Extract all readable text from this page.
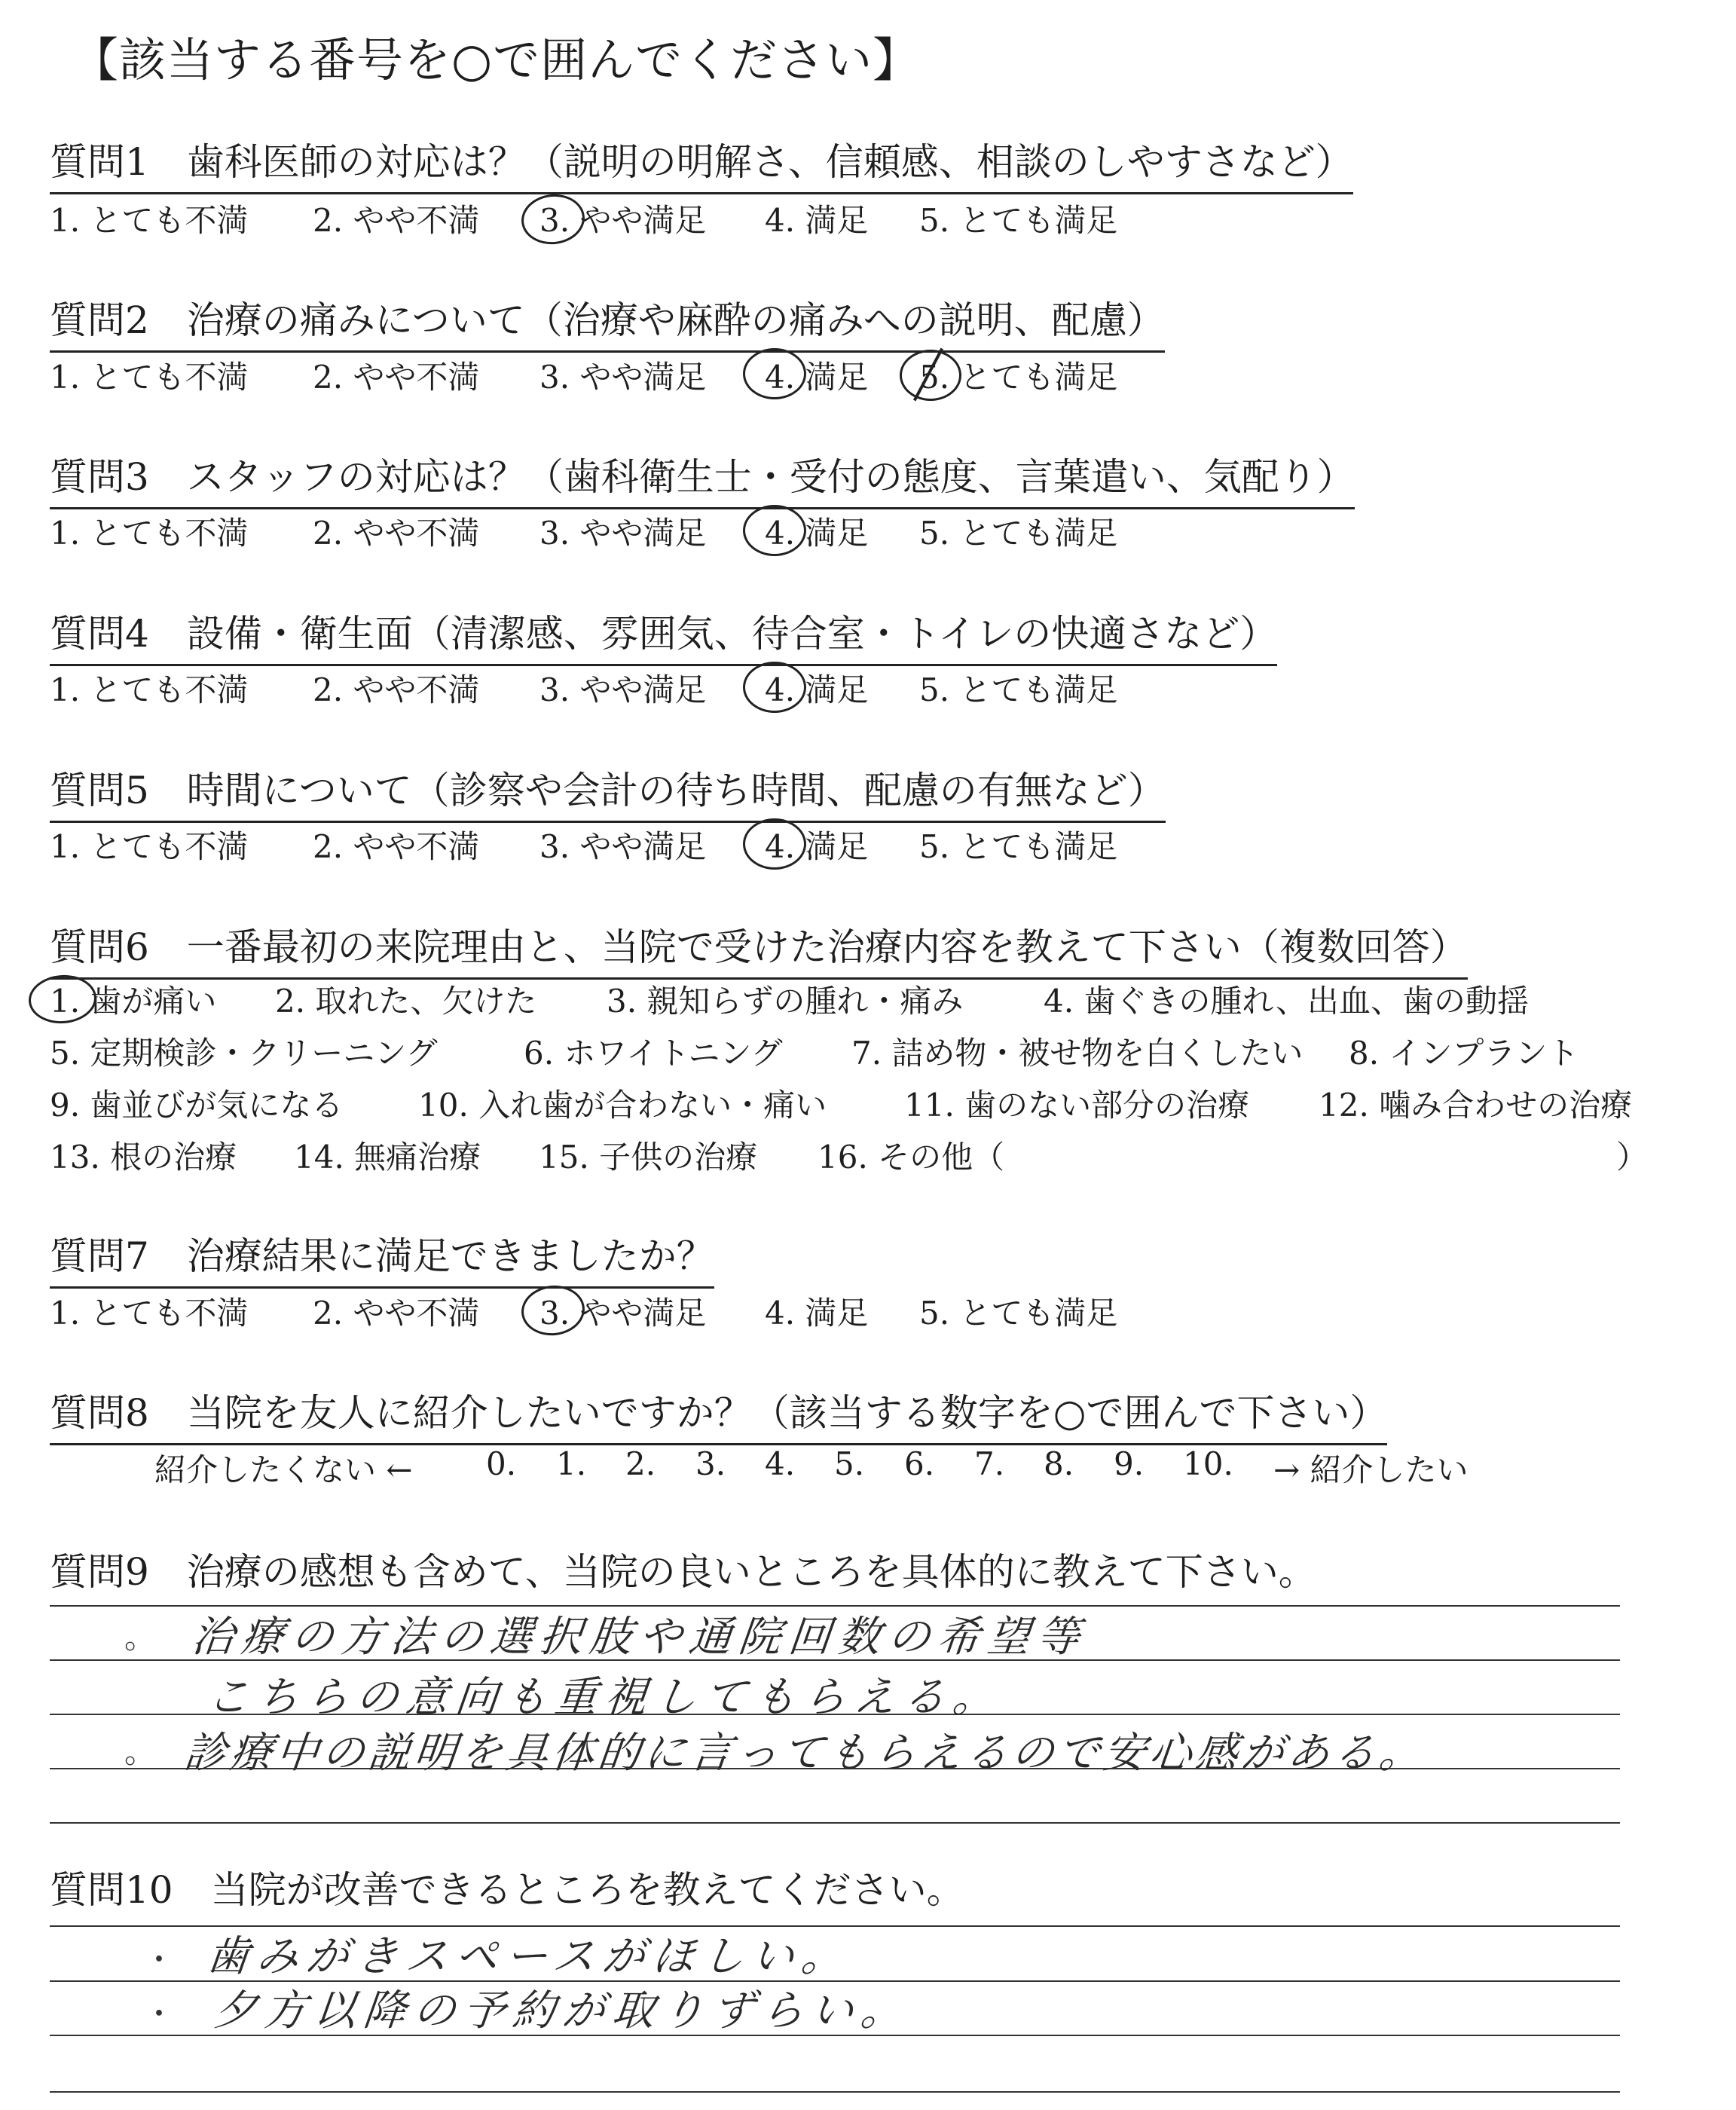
【該当する番号を○で囲んでください】
質問1　歯科医師の対応は？（説明の明解さ、信頼感、相談のしやすさなど）
1. とても不満 2. やや不満 3. やや満足 4. 満足 5. とても満足
質問2　治療の痛みについて（治療や麻酔の痛みへの説明、配慮）
1. とても不満 2. やや不満 3. やや満足 4. 満足 5. とても満足
質問3　スタッフの対応は？（歯科衛生士・受付の態度、言葉遣い、気配り）
1. とても不満 2. やや不満 3. やや満足 4. 満足 5. とても満足
質問4　設備・衛生面（清潔感、雰囲気、待合室・トイレの快適さなど）
1. とても不満 2. やや不満 3. やや満足 4. 満足 5. とても満足
質問5　時間について（診察や会計の待ち時間、配慮の有無など）
1. とても不満 2. やや不満 3. やや満足 4. 満足 5. とても満足
質問6　一番最初の来院理由と、当院で受けた治療内容を教えて下さい（複数回答）
1. 歯が痛い 2. 取れた、欠けた 3. 親知らずの腫れ・痛み	4. 歯ぐきの腫れ、出血、歯の動揺
5. 定期検診・クリーニング	6. ホワイトニング 7. 詰め物・被せ物を白くしたい 8. インプラント
9. 歯並びが気になる 10. 入れ歯が合わない・痛い 11. 歯のない部分の治療 12. 噛み合わせの治療
13. 根の治療 14. 無痛治療 15. 子供の治療 16. その他（	）
質問7　治療結果に満足できましたか？
1. とても不満 2. やや不満 3. やや満足 4. 満足 5. とても満足
質問8　当院を友人に紹介したいですか？（該当する数字を○で囲んで下さい）
紹介したくない ← 0. 1. 2. 3. 4. 5. 6. 7. 8. 9. 10. → 紹介したい
質問9　治療の感想も含めて、当院の良いところを具体的に教えて下さい。
。 治療の方法の選択肢や通院回数の希望等
こちらの意向も重視してもらえる。
。 診療中の説明を具体的に言ってもらえるので安心感がある。
質問10　当院が改善できるところを教えてください。
・ 歯みがきスペースがほしい。
・ 夕方以降の予約が取りずらい。
